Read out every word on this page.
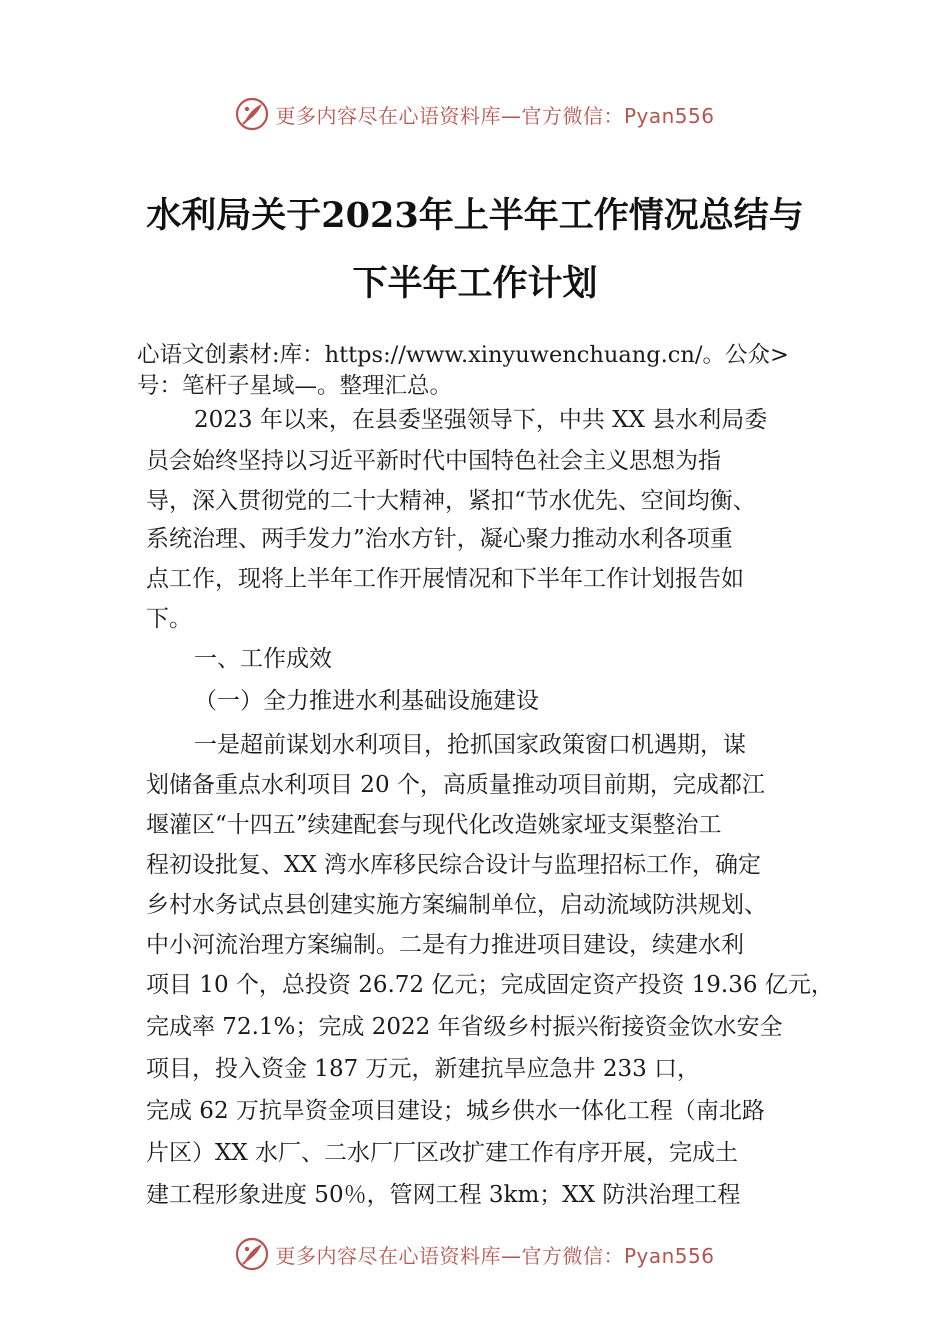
更多内容尽在心语资料库—官方微信：Pyan556
水利局关于2023年上半年工作情况总结与
下半年工作计划
心语文创素材:库：https://www.xinyuwenchuang.cn/。公众>
号：笔杆子星域—。整理汇总。
2023 年以来，在县委坚强领导下，中共 XX 县水利局委
员会始终坚持以习近平新时代中国特色社会主义思想为指
导，深入贯彻党的二十大精神，紧扣“节水优先、空间均衡、
系统治理、两手发力”治水方针，凝心聚力推动水利各项重
点工作，现将上半年工作开展情况和下半年工作计划报告如
下。
一、工作成效
（一）全力推进水利基础设施建设
一是超前谋划水利项目，抢抓国家政策窗口机遇期，谋
划储备重点水利项目 20 个，高质量推动项目前期，完成都江
堰灌区“十四五”续建配套与现代化改造姚家垭支渠整治工
程初设批复、XX 湾水库移民综合设计与监理招标工作，确定
乡村水务试点县创建实施方案编制单位，启动流域防洪规划、
中小河流治理方案编制。二是有力推进项目建设，续建水利
项目 10 个，总投资 26.72 亿元；完成固定资产投资 19.36 亿元，
完成率 72.1%；完成 2022 年省级乡村振兴衔接资金饮水安全
项目，投入资金 187 万元，新建抗旱应急井 233 口，
完成 62 万抗旱资金项目建设；城乡供水一体化工程（南北路
片区）XX 水厂、二水厂厂区改扩建工作有序开展，完成土
建工程形象进度 50％，管网工程 3km；XX 防洪治理工程
更多内容尽在心语资料库—官方微信：Pyan556
